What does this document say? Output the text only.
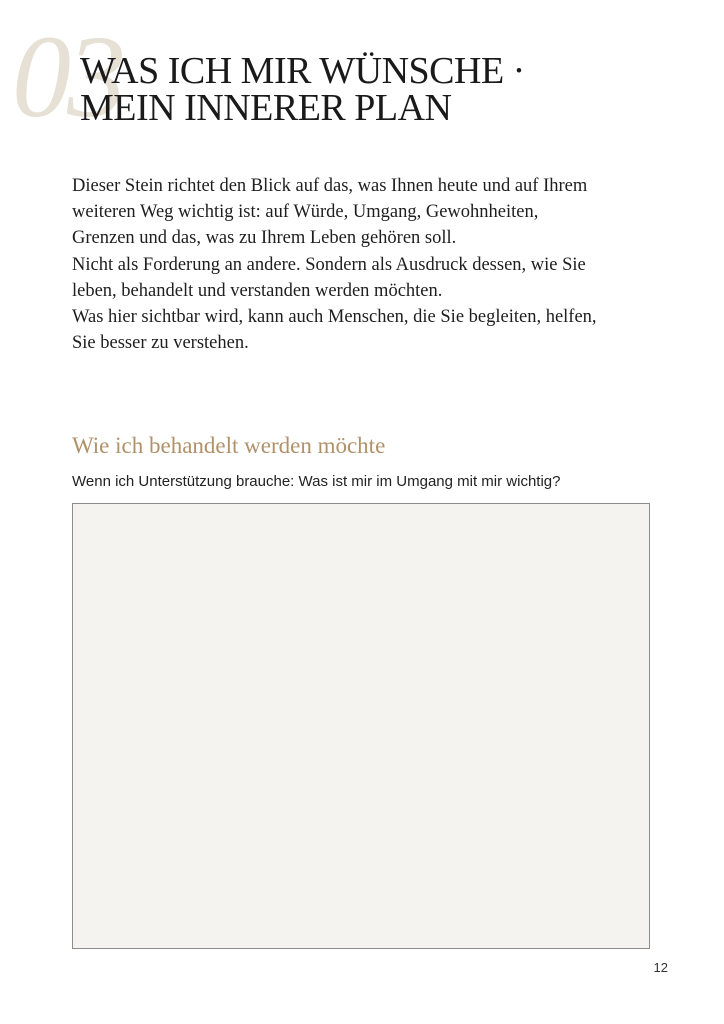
03
WAS ICH MIR WÜNSCHE ·
MEIN INNERER PLAN
Dieser Stein richtet den Blick auf das, was Ihnen heute und auf Ihrem
weiteren Weg wichtig ist: auf Würde, Umgang, Gewohnheiten,
Grenzen und das, was zu Ihrem Leben gehören soll.
Nicht als Forderung an andere. Sondern als Ausdruck dessen, wie Sie
leben, behandelt und verstanden werden möchten.
Was hier sichtbar wird, kann auch Menschen, die Sie begleiten, helfen,
Sie besser zu verstehen.
Wie ich behandelt werden möchte
Wenn ich Unterstützung brauche: Was ist mir im Umgang mit mir wichtig?
12
